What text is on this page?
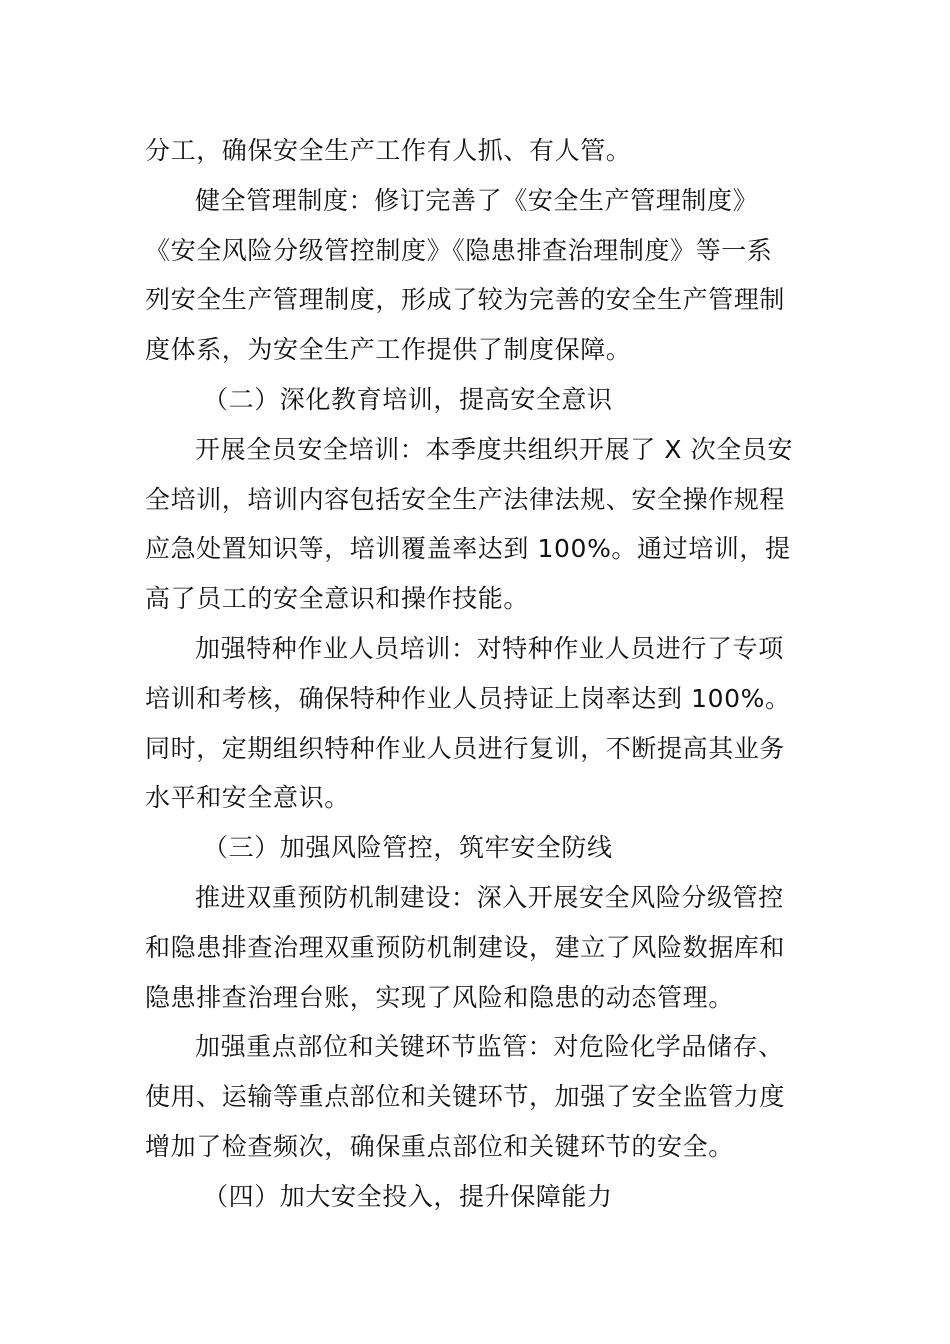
分工，确保安全生产工作有人抓、有人管。
健全管理制度：修订完善了《安全生产管理制度》
《安全风险分级管控制度》《隐患排查治理制度》等一系
列安全生产管理制度，形成了较为完善的安全生产管理制
度体系，为安全生产工作提供了制度保障。
（二）深化教育培训，提高安全意识
开展全员安全培训：本季度共组织开展了 X 次全员安
全培训，培训内容包括安全生产法律法规、安全操作规程
应急处置知识等，培训覆盖率达到 100%。通过培训，提
高了员工的安全意识和操作技能。
加强特种作业人员培训：对特种作业人员进行了专项
培训和考核，确保特种作业人员持证上岗率达到 100%。
同时，定期组织特种作业人员进行复训，不断提高其业务
水平和安全意识。
（三）加强风险管控，筑牢安全防线
推进双重预防机制建设：深入开展安全风险分级管控
和隐患排查治理双重预防机制建设，建立了风险数据库和
隐患排查治理台账，实现了风险和隐患的动态管理。
加强重点部位和关键环节监管：对危险化学品储存、
使用、运输等重点部位和关键环节，加强了安全监管力度
增加了检查频次，确保重点部位和关键环节的安全。
（四）加大安全投入，提升保障能力
